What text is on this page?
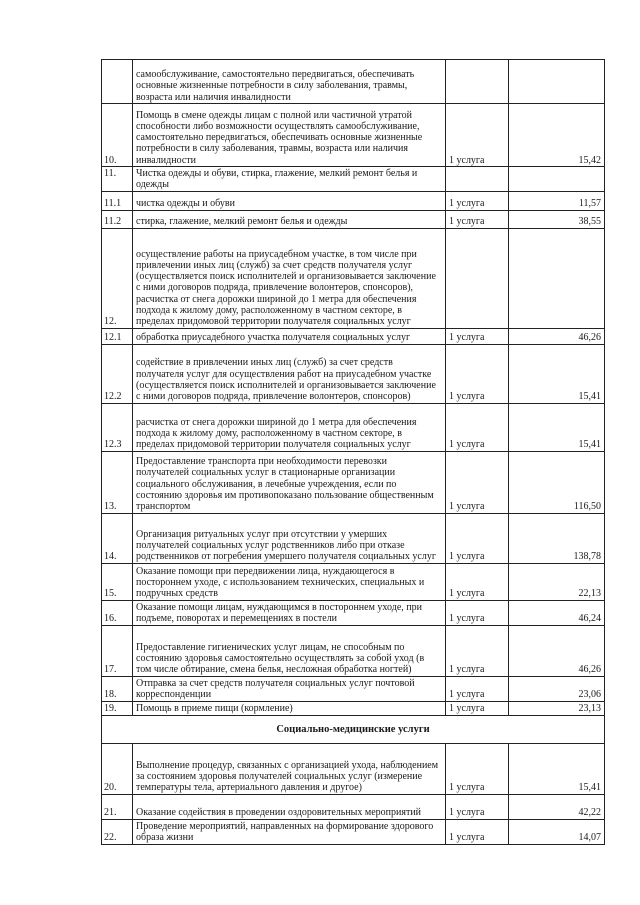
	самообслуживание, самостоятельно передвигаться, обеспечивать основные жизненные потребности в силу заболевания, травмы, возраста или наличия инвалидности		
10.	Помощь в смене одежды лицам с полной или частичной утратой способности либо возможности осуществлять самообслуживание, самостоятельно передвигаться, обеспечивать основные жизненные потребности в силу заболевания, травмы, возраста или наличия инвалидности	1 услуга	15,42
11.	Чистка одежды и обуви, стирка, глажение, мелкий ремонт белья и одежды		
11.1	чистка одежды и обуви	1 услуга	11,57
11.2	стирка, глажение, мелкий ремонт белья и одежды	1 услуга	38,55
12.	осуществление работы на приусадебном участке, в том числе при привлечении иных лиц (служб) за счет средств получателя услуг (осуществляется поиск исполнителей и организовывается заключение с ними договоров подряда, привлечение волонтеров, спонсоров), расчистка от снега дорожки шириной до 1 метра для обеспечения подхода к жилому дому, расположенному в частном секторе, в пределах придомовой территории получателя социальных услуг		
12.1	обработка приусадебного участка получателя социальных услуг	1 услуга	46,26
12.2	содействие в привлечении иных лиц (служб) за счет средств получателя услуг для осуществления работ на приусадебном участке (осуществляется поиск исполнителей и организовывается заключение с ними договоров подряда, привлечение волонтеров, спонсоров)	1 услуга	15,41
12.3	расчистка от снега дорожки шириной до 1 метра для обеспечения подхода к жилому дому, расположенному в частном секторе, в пределах придомовой территории получателя социальных услуг	1 услуга	15,41
13.	Предоставление транспорта при необходимости перевозки получателей социальных услуг в стационарные организации социального обслуживания, в лечебные учреждения, если по состоянию здоровья им противопоказано пользование общественным транспортом	1 услуга	116,50
14.	Организация ритуальных услуг при отсутствии у умерших получателей социальных услуг родственников либо при отказе родственников от погребения умершего получателя социальных услуг	1 услуга	138,78
15.	Оказание помощи при передвижении лица, нуждающегося в постороннем уходе, с использованием технических, специальных и подручных средств	1 услуга	22,13
16.	Оказание помощи лицам, нуждающимся в постороннем уходе, при подъеме, поворотах и перемещениях в постели	1 услуга	46,24
17.	Предоставление гигиенических услуг лицам, не способным по состоянию здоровья самостоятельно осуществлять за собой уход (в том числе обтирание, смена белья, несложная обработка ногтей)	1 услуга	46,26
18.	Отправка за счет средств получателя социальных услуг почтовой корреспонденции	1 услуга	23,06
19.	Помощь в приеме пищи (кормление)	1 услуга	23,13
Социально-медицинские услуги			
20.	Выполнение процедур, связанных с организацией ухода, наблюдением за состоянием здоровья получателей социальных услуг (измерение температуры тела, артериального давления и другое)	1 услуга	15,41
21.	Оказание содействия в проведении оздоровительных мероприятий	1 услуга	42,22
22.	Проведение мероприятий, направленных на формирование здорового образа жизни	1 услуга	14,07
